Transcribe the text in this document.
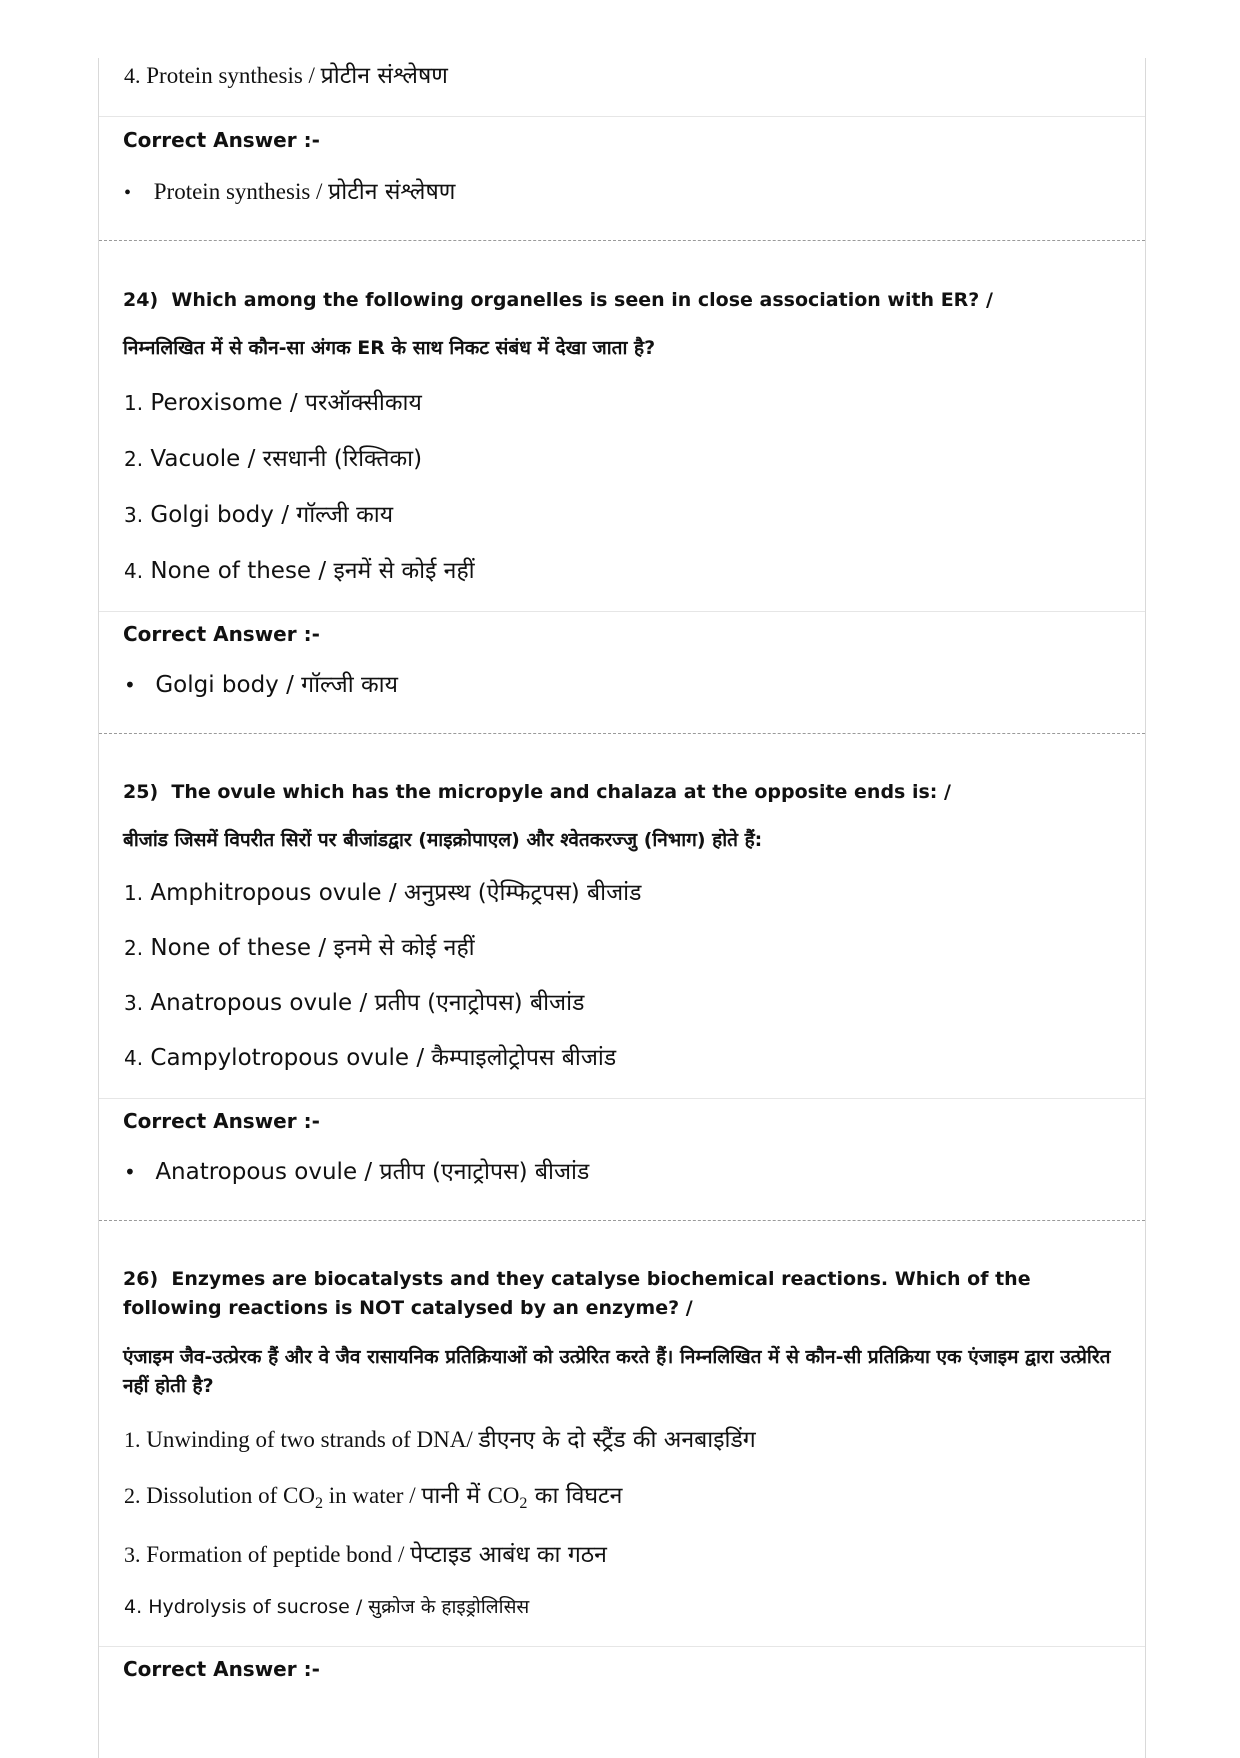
4. Protein synthesis / प्रोटीन संश्लेषण
Correct Answer :-
• Protein synthesis / प्रोटीन संश्लेषण
24) Which among the following organelles is seen in close association with ER? /
निम्नलिखित में से कौन-सा अंगक ER के साथ निकट संबंध में देखा जाता है?
1. Peroxisome / परऑक्सीकाय
2. Vacuole / रसधानी (रिक्तिका)
3. Golgi body / गॉल्जी काय
4. None of these / इनमें से कोई नहीं
Correct Answer :-
• Golgi body / गॉल्जी काय
25) The ovule which has the micropyle and chalaza at the opposite ends is: /
बीजांड जिसमें विपरीत सिरों पर बीजांडद्वार (माइक्रोपाएल) और श्वेतकरज्जु (निभाग) होते हैं:
1. Amphitropous ovule / अनुप्रस्थ (ऐम्फिट्रपस) बीजांड
2. None of these / इनमे से कोई नहीं
3. Anatropous ovule / प्रतीप (एनाट्रोपस) बीजांड
4. Campylotropous ovule / कैम्पाइलोट्रोपस बीजांड
Correct Answer :-
• Anatropous ovule / प्रतीप (एनाट्रोपस) बीजांड
26) Enzymes are biocatalysts and they catalyse biochemical reactions. Which of the following reactions is NOT catalysed by an enzyme? /
एंजाइम जैव-उत्प्रेरक हैं और वे जैव रासायनिक प्रतिक्रियाओं को उत्प्रेरित करते हैं। निम्नलिखित में से कौन-सी प्रतिक्रिया एक एंजाइम द्वारा उत्प्रेरित नहीं होती है?
1. Unwinding of two strands of DNA/ डीएनए के दो स्ट्रैंड की अनबाइडिंग
2. Dissolution of $CO_2$ in water / पानी में $CO_2$ का विघटन
3. Formation of peptide bond / पेप्टाइड आबंध का गठन
4. Hydrolysis of sucrose / सुक्रोज के हाइड्रोलिसिस
Correct Answer :-
